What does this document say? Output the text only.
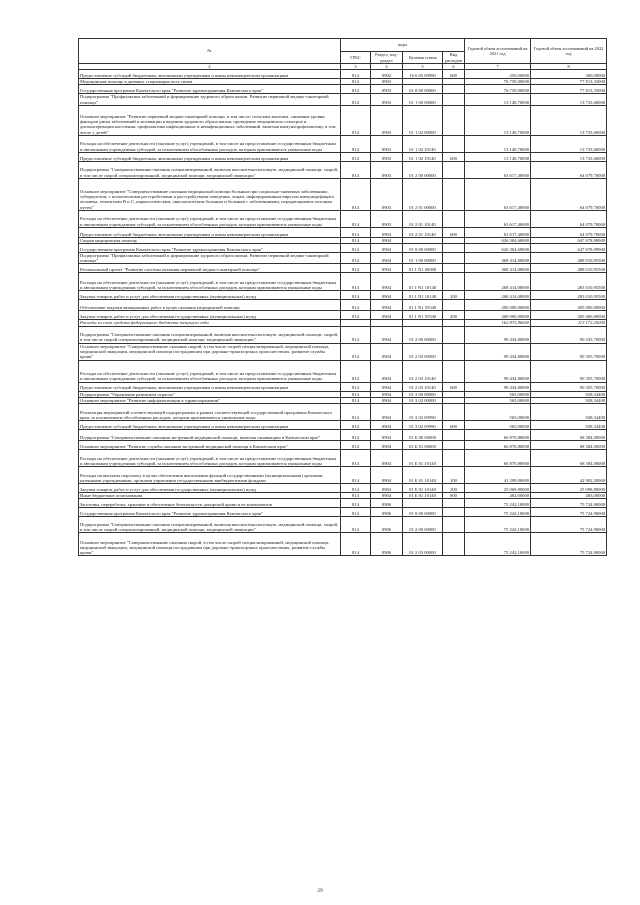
№	коды				Годовой объем ассигнований на 2021 год	Годовой объем ассигнований на 2022 год
	ГРБС	Раздел, под-раздел	Целевая статья	Вид расходов		
2	3	4	5	6	7	8
Предоставление субсидий бюджетным, автономным учреждениям и иным некоммерческим организациям	814	0902	16 6 05 09990	600	250,00000	300,00000
Медицинская помощь в дневных стационарах всех типов	814	0903			76 758,00000	77 813,33000
Государственная программа Камчатского края "Развитие здравоохранения Камчатского края"	814	0903	01 0 00 00000		76 758,00000	77 813,33000
Подпрограмма "Профилактика заболеваний и формирование здорового образа жизни. Развитие первичной медико-санитарной помощи"	814	0903	01 1 00 00000		13 140,70000	13 733,60000
Основное мероприятие "Развитие первичной медико-санитарной помощи, в том числе: сельским жителям, снижение уровня факторов риска заболеваний и мотивации к ведению здорового образа жизни, проведение медицинских осмотров и диспансеризации населения, профилактика инфекционных и неинфекционных заболеваний, включая иммунопрофилактику, в том числе у детей"	814	0903	01 1 02 00000		13 140,70000	13 733,60000
Расходы на обеспечение деятельности (оказание услуг) учреждений, в том числе на предоставление государственным бюджетным и автономным учреждениям субсидий, за исключением обособленных расходов, которым присваиваются уникальные коды	814	0903	01 1 02 10140		13 140,70000	13 733,60000
Предоставление субсидий бюджетным, автономным учреждениям и иным некоммерческим организациям	814	0903	01 1 02 10140	600	13 140,70000	13 733,60000
Подпрограмма "Совершенствование оказания специализированной, включая высокотехнологичную, медицинской помощи, скорой, в том числе скорой специализированной, медицинской помощи, медицинской эвакуации"	814	0903	01 2 00 00000		63 617,40000	64 079,70000
Основное мероприятие "Совершенствование оказания медицинской помощи больным при социально-значимых заболеваниях: туберкулезом, с психическими расстройствами и расстройствами поведения, лицам, инфицированным вирусом иммунодефицита человека, гепатитами В и С, наркологическим, онкологическим больным и больным с заболеваниями, передающимися половым путем"	814	0903	01 2 01 00000		63 617,40000	64 079,70000
Расходы на обеспечение деятельности (оказание услуг) учреждений, в том числе на предоставление государственным бюджетным и автономным учреждениям субсидий, за исключением обособленных расходов, которым присваиваются уникальные коды	814	0903	01 2 01 10140		63 617,40000	64 079,70000
Предоставление субсидий бюджетным, автономным учреждениям и иным некоммерческим организациям	814	0903	01 2 01 10140	600	63 617,40000	64 079,70000
Скорая медицинская помощь	814	0904			626 304,68000	647 678,99900
Государственная программа Камчатского края "Развитие здравоохранения Камчатского края"	814	0904	01 0 00 00000		626 304,68000	647 678,99900
Подпрограмма "Профилактика заболеваний и формирование здорового образа жизни. Развитие первичной медико-санитарной помощи"	814	0904	01 1 00 00000		468 414,08000	488 010,95500
Региональный проект "Развитие системы оказания первичной медико-санитарной помощи"	814	0904	01 1 N1 00000		468 414,08000	488 010,95500
Расходы на обеспечение деятельности (оказание услуг) учреждений, в том числе на предоставление государственным бюджетным и автономным учреждениям субсидий, за исключением обособленных расходов, которым присваиваются уникальные коды	814	0904	01 1 N1 10140		268 414,08000	283 010,95500
Закупка товаров, работ и услуг для обеспечения государственных (муниципальных) нужд	814	0904	01 1 N1 10140	200	268 414,08000	283 010,95500
Обеспечение закупки авиационных работ в целях оказания медицинской помощи	814	0904	01 1 N1 55540		200 000,00000	205 000,00000
Закупка товаров, работ и услуг для обеспечения государственных (муниципальных) нужд	814	0904	01 1 N1 55540	200	200 000,00000	205 000,00000
Расходы за счет средств федерального бюджета текущего года					162 873,96000	113 172,20000
Подпрограмма "Совершенствование оказания специализированной, включая высокотехнологичную, медицинской помощи, скорой, в том числе скорой специализированной, медицинской помощи, медицинской эвакуации"	814	0904	01 2 00 00000		99 434,80000	90 335,70000
Основное мероприятие "Совершенствование оказания скорой, в том числе скорой специализированной, медицинской помощи, медицинской эвакуации, медицинской помощи пострадавшим при дорожно-транспортных происшествиях, развитие службы крови"	814	0904	01 2 03 00000		99 434,80000	90 355,70000
Расходы на обеспечение деятельности (оказание услуг) учреждений, в том числе на предоставление государственным бюджетным и автономным учреждениям субсидий, за исключением обособленных расходов, которым присваиваются уникальные коды	814	0904	01 2 03 10140		99 434,80000	90 355,70000
Предоставление субсидий бюджетным, автономным учреждениям и иным некоммерческим организациям	814	0904	01 2 03 10140	600	99 434,80000	90 355,70000
Подпрограмма "Управление развитием отрасли"	814	0904	01 3 00 00000		565,00000	928,34400
Основное мероприятие "Развитие информатизации в здравоохранении"	814	0904	01 3 02 00000		565,00000	928,34400
Реализация мероприятий соответствующей подпрограммы в рамках соответствующей государственной программы Камчатского края, за исключением обособленных расходов, которым присваиваются уникальные коды	814	0904	01 3 02 09990		565,00000	928,34400
Предоставление субсидий бюджетным, автономным учреждениям и иным некоммерческим организациям	814	0904	01 3 02 09990	600	565,00000	928,34400
Подпрограмма "Совершенствование оказания экстренной медицинской помощи, включая санавиацию в Камчатском крае"	814	0904	01 Б 00 00000		66 870,80000	68 384,00000
Основное мероприятие "Развитие службы оказания экстренной медицинской помощи в Камчатском крае"	814	0904	01 Б 01 00000		66 870,80000	68 384,00000
Расходы на обеспечение деятельности (оказание услуг) учреждений, в том числе на предоставление государственным бюджетным и автономным учреждениям субсидий, за исключением обособленных расходов, которым присваиваются уникальные коды	814	0904	01 Б 01 10140		66 870,80000	68 384,00000
Расходы на выплаты персоналу в целях обеспечения выполнения функций государственными (муниципальными) органами, казенными учреждениями, органами управления государственными внебюджетными фондами	814	0904	01 Б 01 10140	100	41 299,00000	42 902,20000
Закупка товаров, работ и услуг для обеспечения государственных (муниципальных) нужд	814	0904	01 Б 01 10140	200	25 069,80000	25 098,80000
Иные бюджетные ассигнования	814	0904	01 Б 01 10140	800	482,00000	483,00000
Заготовка, переработка, хранение и обеспечение безопасности донорской крови и ее компонентов	814	0906			75 242,10000	75 724,90000
Государственная программа Камчатского края "Развитие здравоохранения Камчатского края"	814	0906	01 0 00 00000		75 242,10000	75 724,90000
Подпрограмма "Совершенствование оказания специализированной, включая высокотехнологичную, медицинской помощи, скорой, в том числе скорой специализированной, медицинской помощи, медицинской эвакуации"	814	0906	01 2 00 00000		75 242,10000	75 724,90000
Основное мероприятие "Совершенствование оказания скорой, в том числе скорой специализированной, медицинской помощи, медицинской эвакуации, медицинской помощи пострадавшим при дорожно-транспортных происшествиях, развитие службы крови"	814	0906	01 2 03 00000		75 242,10000	75 724,90000
29
